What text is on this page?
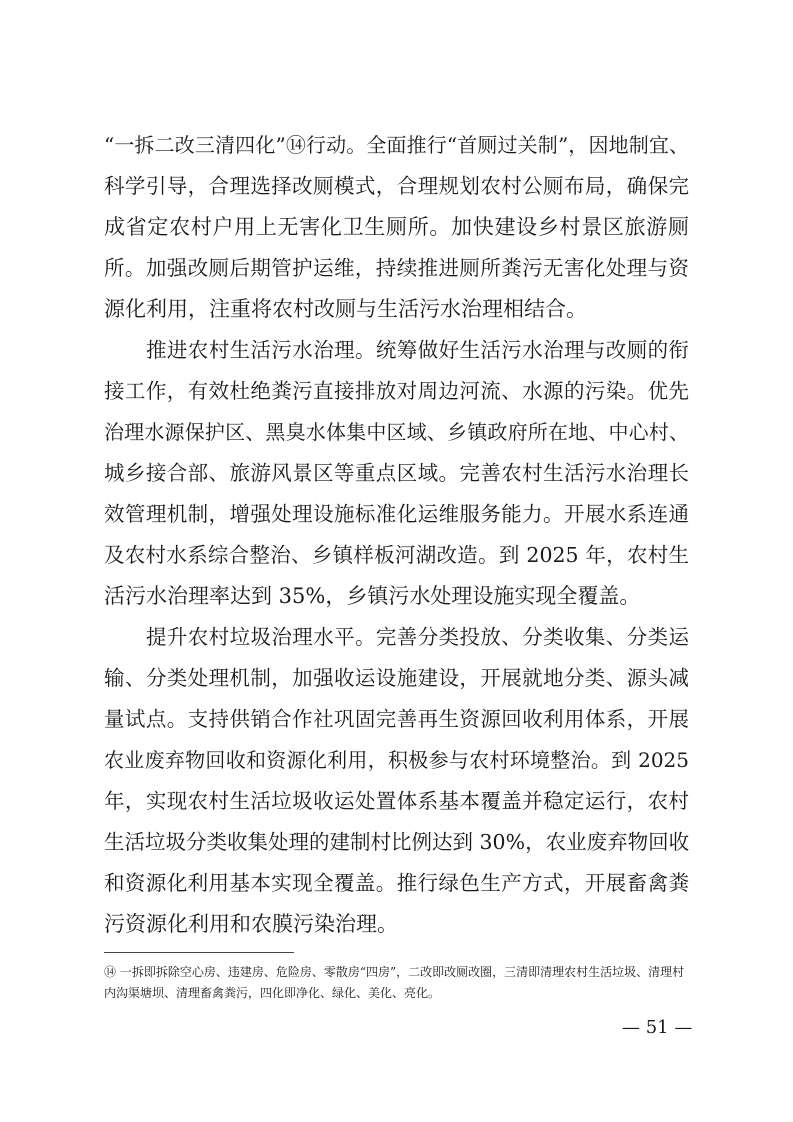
“一拆二改三清四化”⑭行动。全面推行“首厕过关制”，因地制宜、
科学引导，合理选择改厕模式，合理规划农村公厕布局，确保完
成省定农村户用上无害化卫生厕所。加快建设乡村景区旅游厕
所。加强改厕后期管护运维，持续推进厕所粪污无害化处理与资
源化利用，注重将农村改厕与生活污水治理相结合。
推进农村生活污水治理。统筹做好生活污水治理与改厕的衔
接工作，有效杜绝粪污直接排放对周边河流、水源的污染。优先
治理水源保护区、黑臭水体集中区域、乡镇政府所在地、中心村、
城乡接合部、旅游风景区等重点区域。完善农村生活污水治理长
效管理机制，增强处理设施标准化运维服务能力。开展水系连通
及农村水系综合整治、乡镇样板河湖改造。到 2025 年，农村生
活污水治理率达到 35%，乡镇污水处理设施实现全覆盖。
提升农村垃圾治理水平。完善分类投放、分类收集、分类运
输、分类处理机制，加强收运设施建设，开展就地分类、源头减
量试点。支持供销合作社巩固完善再生资源回收利用体系，开展
农业废弃物回收和资源化利用，积极参与农村环境整治。到 2025
年，实现农村生活垃圾收运处置体系基本覆盖并稳定运行，农村
生活垃圾分类收集处理的建制村比例达到 30%，农业废弃物回收
和资源化利用基本实现全覆盖。推行绿色生产方式，开展畜禽粪
污资源化利用和农膜污染治理。
⑭ 一拆即拆除空心房、违建房、危险房、零散房“四房”，二改即改厕改圈，三清即清理农村生活垃圾、清理村
内沟渠塘坝、清理畜禽粪污，四化即净化、绿化、美化、亮化。
— 51 —
